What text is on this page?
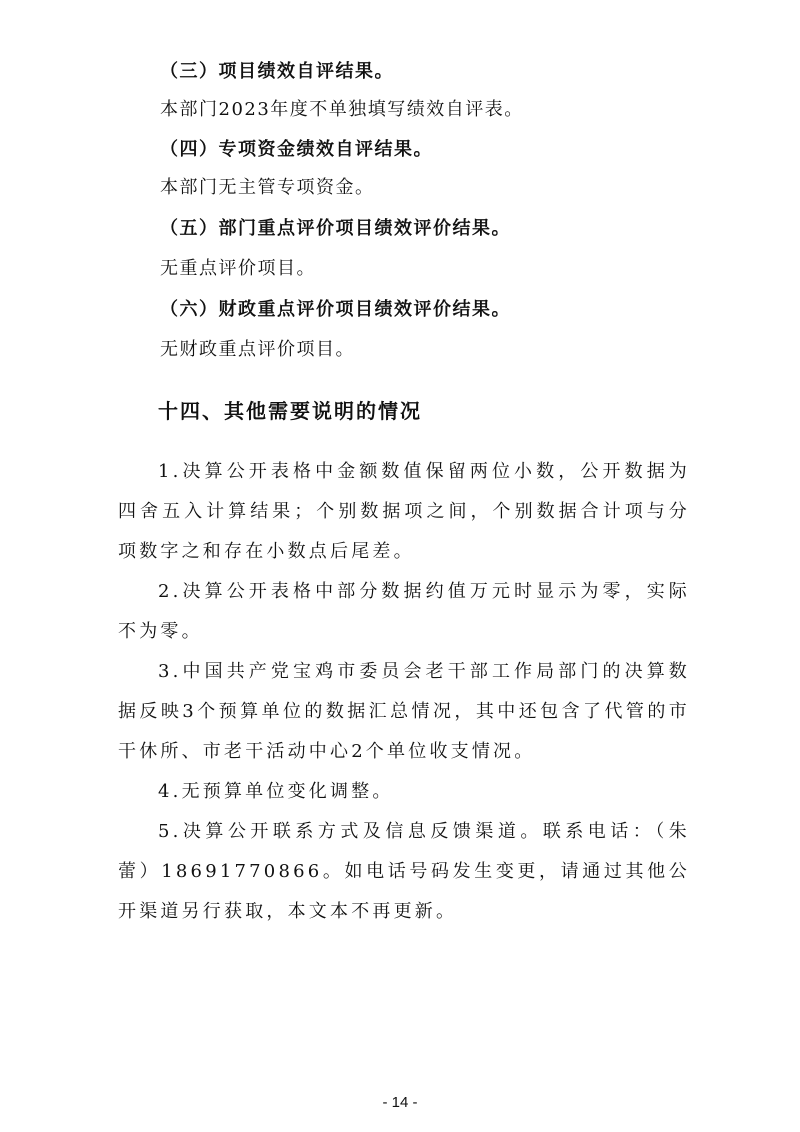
（三）项目绩效自评结果。
本部门2023年度不单独填写绩效自评表。
（四）专项资金绩效自评结果。
本部门无主管专项资金。
（五）部门重点评价项目绩效评价结果。
无重点评价项目。
（六）财政重点评价项目绩效评价结果。
无财政重点评价项目。
十四、其他需要说明的情况
1.决算公开表格中金额数值保留两位小数，公开数据为四舍五入计算结果；个别数据项之间，个别数据合计项与分项数字之和存在小数点后尾差。
2.决算公开表格中部分数据约值万元时显示为零，实际不为零。
3.中国共产党宝鸡市委员会老干部工作局部门的决算数据反映3个预算单位的数据汇总情况，其中还包含了代管的市干休所、市老干活动中心2个单位收支情况。
4.无预算单位变化调整。
5.决算公开联系方式及信息反馈渠道。联系电话：（朱蕾）18691770866。如电话号码发生变更，请通过其他公开渠道另行获取，本文本不再更新。
- 14 -
